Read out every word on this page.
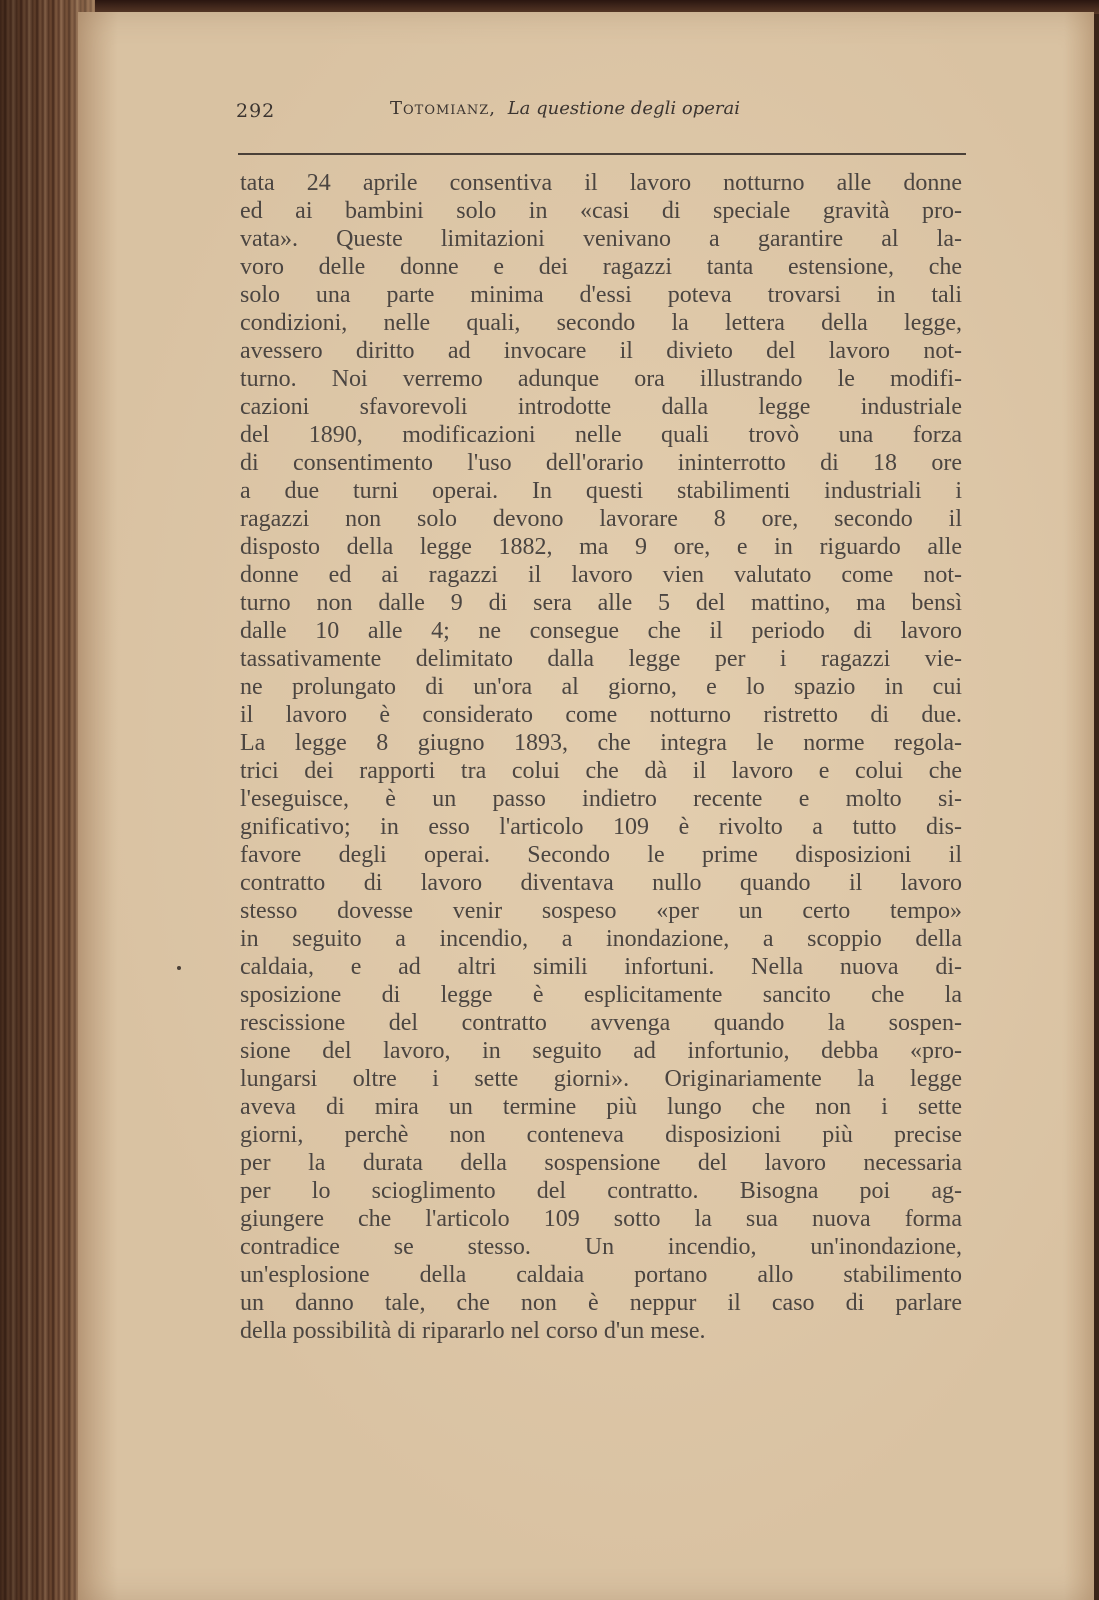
292	Totomianz, La questione degli operai
tata 24 aprile consentiva il lavoro notturno alle donne
ed ai bambini solo in «casi di speciale gravità pro-
vata». Queste limitazioni venivano a garantire al la-
voro delle donne e dei ragazzi tanta estensione, che
solo una parte minima d'essi poteva trovarsi in tali
condizioni, nelle quali, secondo la lettera della legge,
avessero diritto ad invocare il divieto del lavoro not-
turno. Noi verremo adunque ora illustrando le modifi-
cazioni sfavorevoli introdotte dalla legge industriale
del 1890, modificazioni nelle quali trovò una forza
di consentimento l'uso dell'orario ininterrotto di 18 ore
a due turni operai. In questi stabilimenti industriali i
ragazzi non solo devono lavorare 8 ore, secondo il
disposto della legge 1882, ma 9 ore, e in riguardo alle
donne ed ai ragazzi il lavoro vien valutato come not-
turno non dalle 9 di sera alle 5 del mattino, ma bensì
dalle 10 alle 4; ne consegue che il periodo di lavoro
tassativamente delimitato dalla legge per i ragazzi vie-
ne prolungato di un'ora al giorno, e lo spazio in cui
il lavoro è considerato come notturno ristretto di due.
La legge 8 giugno 1893, che integra le norme regola-
trici dei rapporti tra colui che dà il lavoro e colui che
l'eseguisce, è un passo indietro recente e molto si-
gnificativo; in esso l'articolo 109 è rivolto a tutto dis-
favore degli operai. Secondo le prime disposizioni il
contratto di lavoro diventava nullo quando il lavoro
stesso dovesse venir sospeso «per un certo tempo»
in seguito a incendio, a inondazione, a scoppio della
caldaia, e ad altri simili infortuni. Nella nuova di-
sposizione di legge è esplicitamente sancito che la
rescissione del contratto avvenga quando la sospen-
sione del lavoro, in seguito ad infortunio, debba «pro-
lungarsi oltre i sette giorni». Originariamente la legge
aveva di mira un termine più lungo che non i sette
giorni, perchè non conteneva disposizioni più precise
per la durata della sospensione del lavoro necessaria
per lo scioglimento del contratto. Bisogna poi ag-
giungere che l'articolo 109 sotto la sua nuova forma
contradice se stesso. Un incendio, un'inondazione,
un'esplosione della caldaia portano allo stabilimento
un danno tale, che non è neppur il caso di parlare
della possibilità di ripararlo nel corso d'un mese.
